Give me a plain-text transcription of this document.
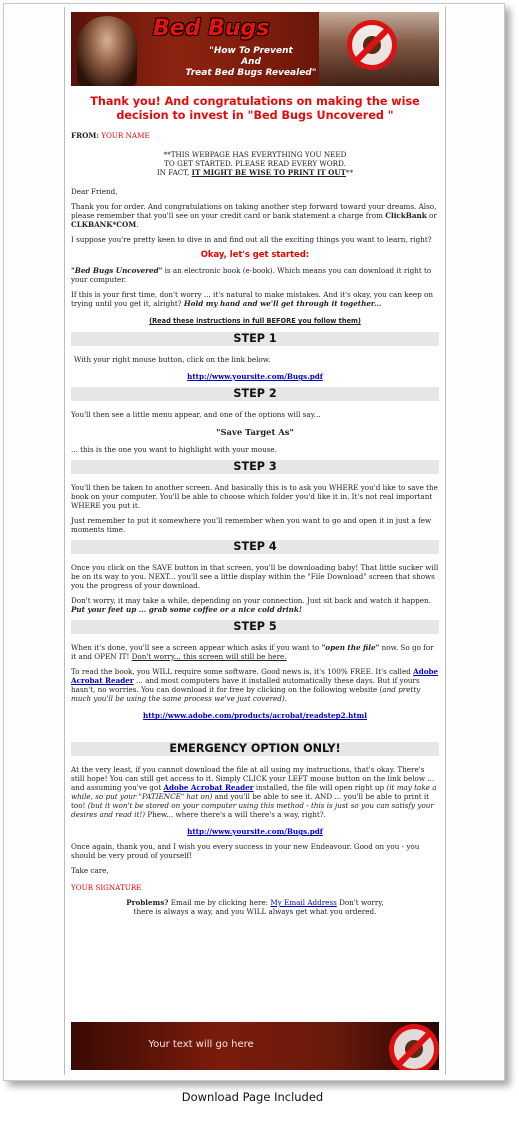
Bed Bugs
"How To Prevent
And
Treat Bed Bugs Revealed"
Thank you! And congratulations on making the wise decision to invest in "Bed Bugs Uncovered "
FROM: YOUR NAME
**THIS WEBPAGE HAS EVERYTHING YOU NEED
TO GET STARTED. PLEASE READ EVERY WORD.
IN FACT, IT MIGHT BE WISE TO PRINT IT OUT**
Dear Friend,
Thank you for order. And congratulations on taking another step forward toward your dreams. Also, please remember that you'll see on your credit card or bank statement a charge from ClickBank or CLKBANK*COM.
I suppose you're pretty keen to dive in and find out all the exciting things you want to learn, right?
Okay, let's get started:
"Bed Bugs Uncovered" is an electronic book (e-book). Which means you can download it right to your computer.
If this is your first time, don't worry ... it's natural to make mistakes. And it's okay, you can keep on trying until you get it, alright? Hold my hand and we'll get through it together...
(Read these instructions in full BEFORE you follow them)
STEP 1
With your right mouse button, click on the link below.
http://www.yoursite.com/Bugs.pdf
STEP 2
You'll then see a little menu appear, and one of the options will say...
"Save Target As"
... this is the one you want to highlight with your mouse.
STEP 3
You'll then be taken to another screen. And basically this is to ask you WHERE you'd like to save the book on your computer. You'll be able to choose which folder you'd like it in. It's not real important WHERE you put it.
Just remember to put it somewhere you'll remember when you want to go and open it in just a few moments time.
STEP 4
Once you click on the SAVE button in that screen, you'll be downloading baby! That little sucker will be on its way to you. NEXT... you'll see a little display within the "File Download" screen that shows you the progress of your download.
Don't worry, it may take a while, depending on your connection. Just sit back and watch it happen. Put your feet up ... grab some coffee or a nice cold drink!
STEP 5
When it's done, you'll see a screen appear which asks if you want to "open the file" now. So go for it and OPEN IT! Don't worry... this screen will still be here.
To read the book, you WILL require some software. Good news is, it's 100% FREE. It's called Adobe Acrobat Reader ... and most computers have it installed automatically these days. But if yours hasn't, no worries. You can download it for free by clicking on the following website (and pretty much you'll be using the same process we've just covered).
http://www.adobe.com/products/acrobat/readstep2.html
EMERGENCY OPTION ONLY!
At the very least, if you cannot download the file at all using my instructions, that's okay. There's still hope! You can still get access to it. Simply CLICK your LEFT mouse button on the link below ... and assuming you've got Adobe Acrobat Reader installed, the file will open right up (it may take a while, so put your "PATIENCE" hat on) and you'll be able to see it. AND ... you'll be able to print it too! (but it won't be stored on your computer using this method - this is just so you can satisfy your desires and read it!) Phew... where there's a will there's a way, right?.
http://www.yoursite.com/Bugs.pdf
Once again, thank you, and I wish you every success in your new Endeavour. Good on you - you should be very proud of yourself!
Take care,
YOUR SIGNATURE
Problems? Email me by clicking here: My Email Address Don't worry,
there is always a way, and you WILL always get what you ordered.
Your text will go here
Download Page Included
